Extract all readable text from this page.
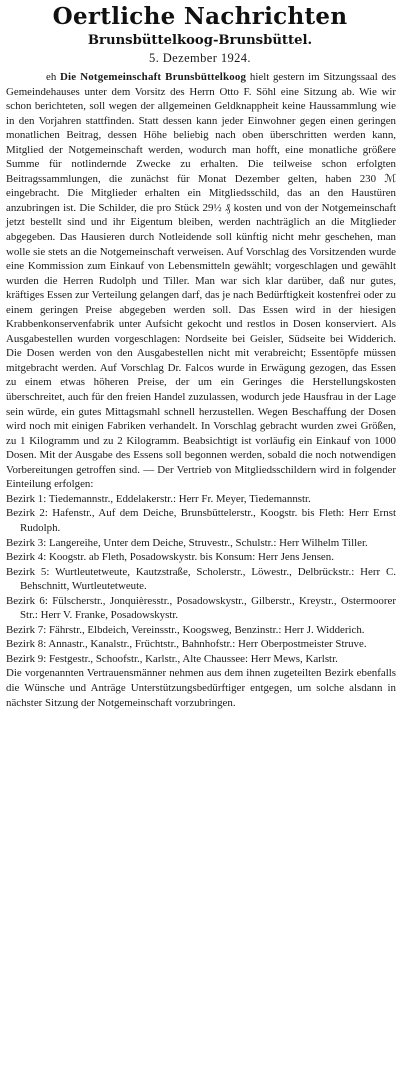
Oertliche Nachrichten
Brunsbüttelkoog-Brunsbüttel.
5. Dezember 1924.

eh Die Notgemeinschaft Brunsbüttelkoog hielt gestern im Sitzungssaal des Gemeindehauses unter dem Vorsitz des Herrn Otto F. Söhl eine Sitzung ab. Wie wir schon berichteten, soll wegen der allgemeinen Geldknappheit keine Haussammlung wie in den Vorjahren stattfinden. Statt dessen kann jeder Einwohner gegen einen geringen monatlichen Beitrag, dessen Höhe beliebig nach oben überschritten werden kann, Mitglied der Notgemeinschaft werden, wodurch man hofft, eine monatliche größere Summe für notlindernde Zwecke zu erhalten. Die teilweise schon erfolgten Beitragssammlungen, die zunächst für Monat Dezember gelten, haben 230 ℳ eingebracht. Die Mitglieder erhalten ein Mitgliedsschild, das an den Haustüren anzubringen ist. Die Schilder, die pro Stück 29½ ₰ kosten und von der Notgemeinschaft jetzt bestellt sind und ihr Eigentum bleiben, werden nachträglich an die Mitglieder abgegeben. Das Hausieren durch Notleidende soll künftig nicht mehr geschehen, man wolle sie stets an die Notgemeinschaft verweisen. Auf Vorschlag des Vorsitzenden wurde eine Kommission zum Einkauf von Lebensmitteln gewählt; vorgeschlagen und gewählt wurden die Herren Rudolph und Tiller. Man war sich klar darüber, daß nur gutes, kräftiges Essen zur Verteilung gelangen darf, das je nach Bedürftigkeit kostenfrei oder zu einem geringen Preise abgegeben werden soll. Das Essen wird in der hiesigen Krabbenkonservenfabrik unter Aufsicht gekocht und restlos in Dosen konserviert. Als Ausgabestellen wurden vorgeschlagen: Nordseite bei Geisler, Südseite bei Widderich. Die Dosen werden von den Ausgabestellen nicht mit verabreicht; Essentöpfe müssen mitgebracht werden. Auf Vorschlag Dr. Falcos wurde in Erwägung gezogen, das Essen zu einem etwas höheren Preise, der um ein Geringes die Herstellungskosten überschreitet, auch für den freien Handel zuzulassen, wodurch jede Hausfrau in der Lage sein würde, ein gutes Mittagsmahl schnell herzustellen. Wegen Beschaffung der Dosen wird noch mit einigen Fabriken verhandelt. In Vorschlag gebracht wurden zwei Größen, zu 1 Kilogramm und zu 2 Kilogramm. Beabsichtigt ist vorläufig ein Einkauf von 1000 Dosen. Mit der Ausgabe des Essens soll begonnen werden, sobald die noch notwendigen Vorbereitungen getroffen sind. — Der Vertrieb von Mitgliedsschildern wird in folgender Einteilung erfolgen:

Bezirk 1: Tiedemannstr., Eddelakerstr.: Herr Fr. Meyer, Tiedemannstr.

Bezirk 2: Hafenstr., Auf dem Deiche, Brunsbüttelerstr., Koogstr. bis Fleth: Herr Ernst Rudolph.

Bezirk 3: Langereihe, Unter dem Deiche, Struvestr., Schulstr.: Herr Wilhelm Tiller.

Bezirk 4: Koogstr. ab Fleth, Posadowskystr. bis Konsum: Herr Jens Jensen.

Bezirk 5: Wurtleutetweute, Kautzstraße, Scholerstr., Löwestr., Delbrückstr.: Herr C. Behschnitt, Wurtleutetweute.

Bezirk 6: Fülscherstr., Jonquièresstr., Posadowskystr., Gilberstr., Kreystr., Ostermoorer Str.: Herr V. Franke, Posadowskystr.

Bezirk 7: Fährstr., Elbdeich, Vereinsstr., Koogsweg, Benzinstr.: Herr J. Widderich.

Bezirk 8: Annastr., Kanalstr., Früchtstr., Bahnhofstr.: Herr Oberpostmeister Struve.

Bezirk 9: Festgestr., Schoofstr., Karlstr., Alte Chaussee: Herr Mews, Karlstr.

Die vorgenannten Vertrauensmänner nehmen aus dem ihnen zugeteilten Bezirk ebenfalls die Wünsche und Anträge Unterstützungsbedürftiger entgegen, um solche alsdann in nächster Sitzung der Notgemeinschaft vorzubringen.
